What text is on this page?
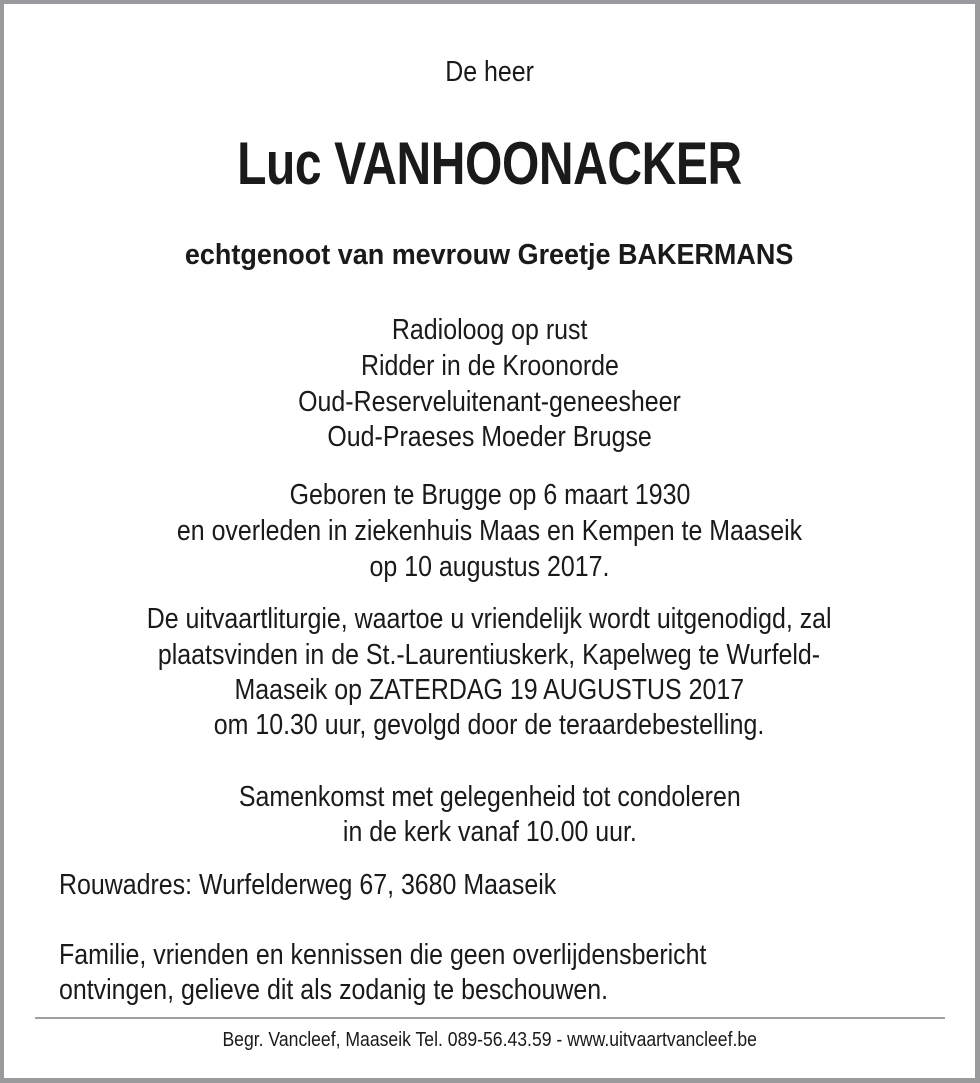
De heer
Luc VANHOONACKER
echtgenoot van mevrouw Greetje BAKERMANS
Radioloog op rust
Ridder in de Kroonorde
Oud-Reserveluitenant-geneesheer
Oud-Praeses Moeder Brugse
Geboren te Brugge op 6 maart 1930
en overleden in ziekenhuis Maas en Kempen te Maaseik
op 10 augustus 2017.
De uitvaartliturgie, waartoe u vriendelijk wordt uitgenodigd, zal
plaatsvinden in de St.-Laurentiuskerk, Kapelweg te Wurfeld-
Maaseik op ZATERDAG 19 AUGUSTUS 2017
om 10.30 uur, gevolgd door de teraardebestelling.
Samenkomst met gelegenheid tot condoleren
in de kerk vanaf 10.00 uur.
Rouwadres: Wurfelderweg 67, 3680 Maaseik
Familie, vrienden en kennissen die geen overlijdensbericht
ontvingen, gelieve dit als zodanig te beschouwen.
Begr. Vancleef, Maaseik Tel. 089-56.43.59 - www.uitvaartvancleef.be
